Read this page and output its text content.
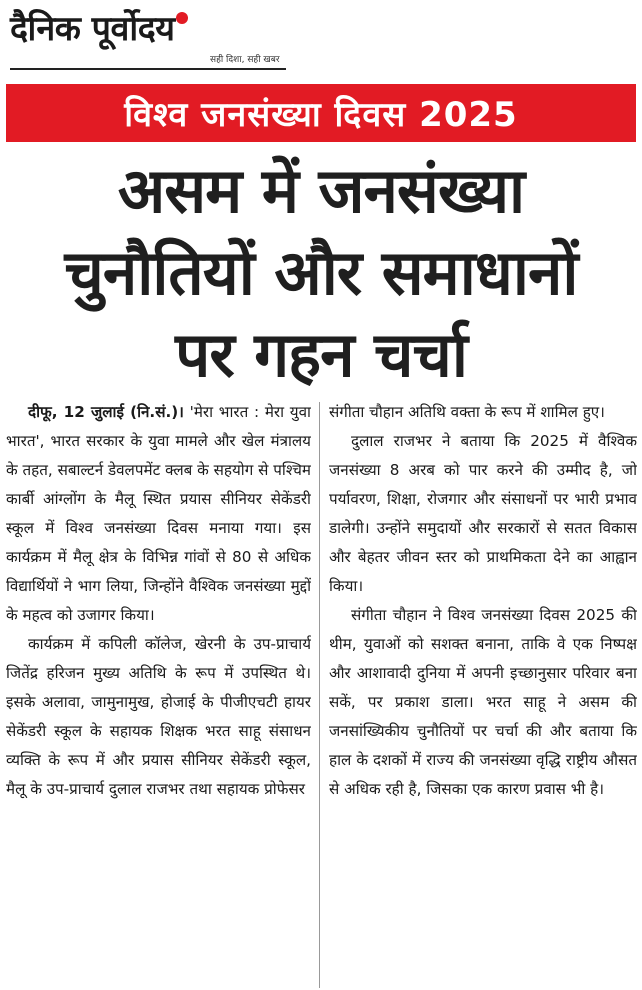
दैनिक पूर्वोदय
सही दिशा, सही खबर
विश्व जनसंख्या दिवस 2025
असम में जनसंख्या
चुनौतियों और समाधानों
पर गहन चर्चा

दीफू, 12 जुलाई (नि.सं.)। 'मेरा भारत : मेरा युवा भारत', भारत सरकार के युवा मामले और खेल मंत्रालय के तहत, सबाल्टर्न डेवलपमेंट क्लब के सहयोग से पश्चिम कार्बी आंग्लोंग के मैलू स्थित प्रयास सीनियर सेकेंडरी स्कूल में विश्व जनसंख्या दिवस मनाया गया। इस कार्यक्रम में मैलू क्षेत्र के विभिन्न गांवों से 80 से अधिक विद्यार्थियों ने भाग लिया, जिन्होंने वैश्विक जनसंख्या मुद्दों के महत्व को उजागर किया।

कार्यक्रम में कपिली कॉलेज, खेरनी के उप-प्राचार्य जितेंद्र हरिजन मुख्य अतिथि के रूप में उपस्थित थे। इसके अलावा, जामुनामुख, होजाई के पीजीएचटी हायर सेकेंडरी स्कूल के सहायक शिक्षक भरत साहू संसाधन व्यक्ति के रूप में और प्रयास सीनियर सेकेंडरी स्कूल, मैलू के उप-प्राचार्य दुलाल राजभर तथा सहायक प्रोफेसर

संगीता चौहान अतिथि वक्ता के रूप में शामिल हुए।

दुलाल राजभर ने बताया कि 2025 में वैश्विक जनसंख्या 8 अरब को पार करने की उम्मीद है, जो पर्यावरण, शिक्षा, रोजगार और संसाधनों पर भारी प्रभाव डालेगी। उन्होंने समुदायों और सरकारों से सतत विकास और बेहतर जीवन स्तर को प्राथमिकता देने का आह्वान किया।

संगीता चौहान ने विश्व जनसंख्या दिवस 2025 की थीम, युवाओं को सशक्त बनाना, ताकि वे एक निष्पक्ष और आशावादी दुनिया में अपनी इच्छानुसार परिवार बना सकें, पर प्रकाश डाला। भरत साहू ने असम की जनसांख्यिकीय चुनौतियों पर चर्चा की और बताया कि हाल के दशकों में राज्य की जनसंख्या वृद्धि राष्ट्रीय औसत से अधिक रही है, जिसका एक कारण प्रवास भी है।
